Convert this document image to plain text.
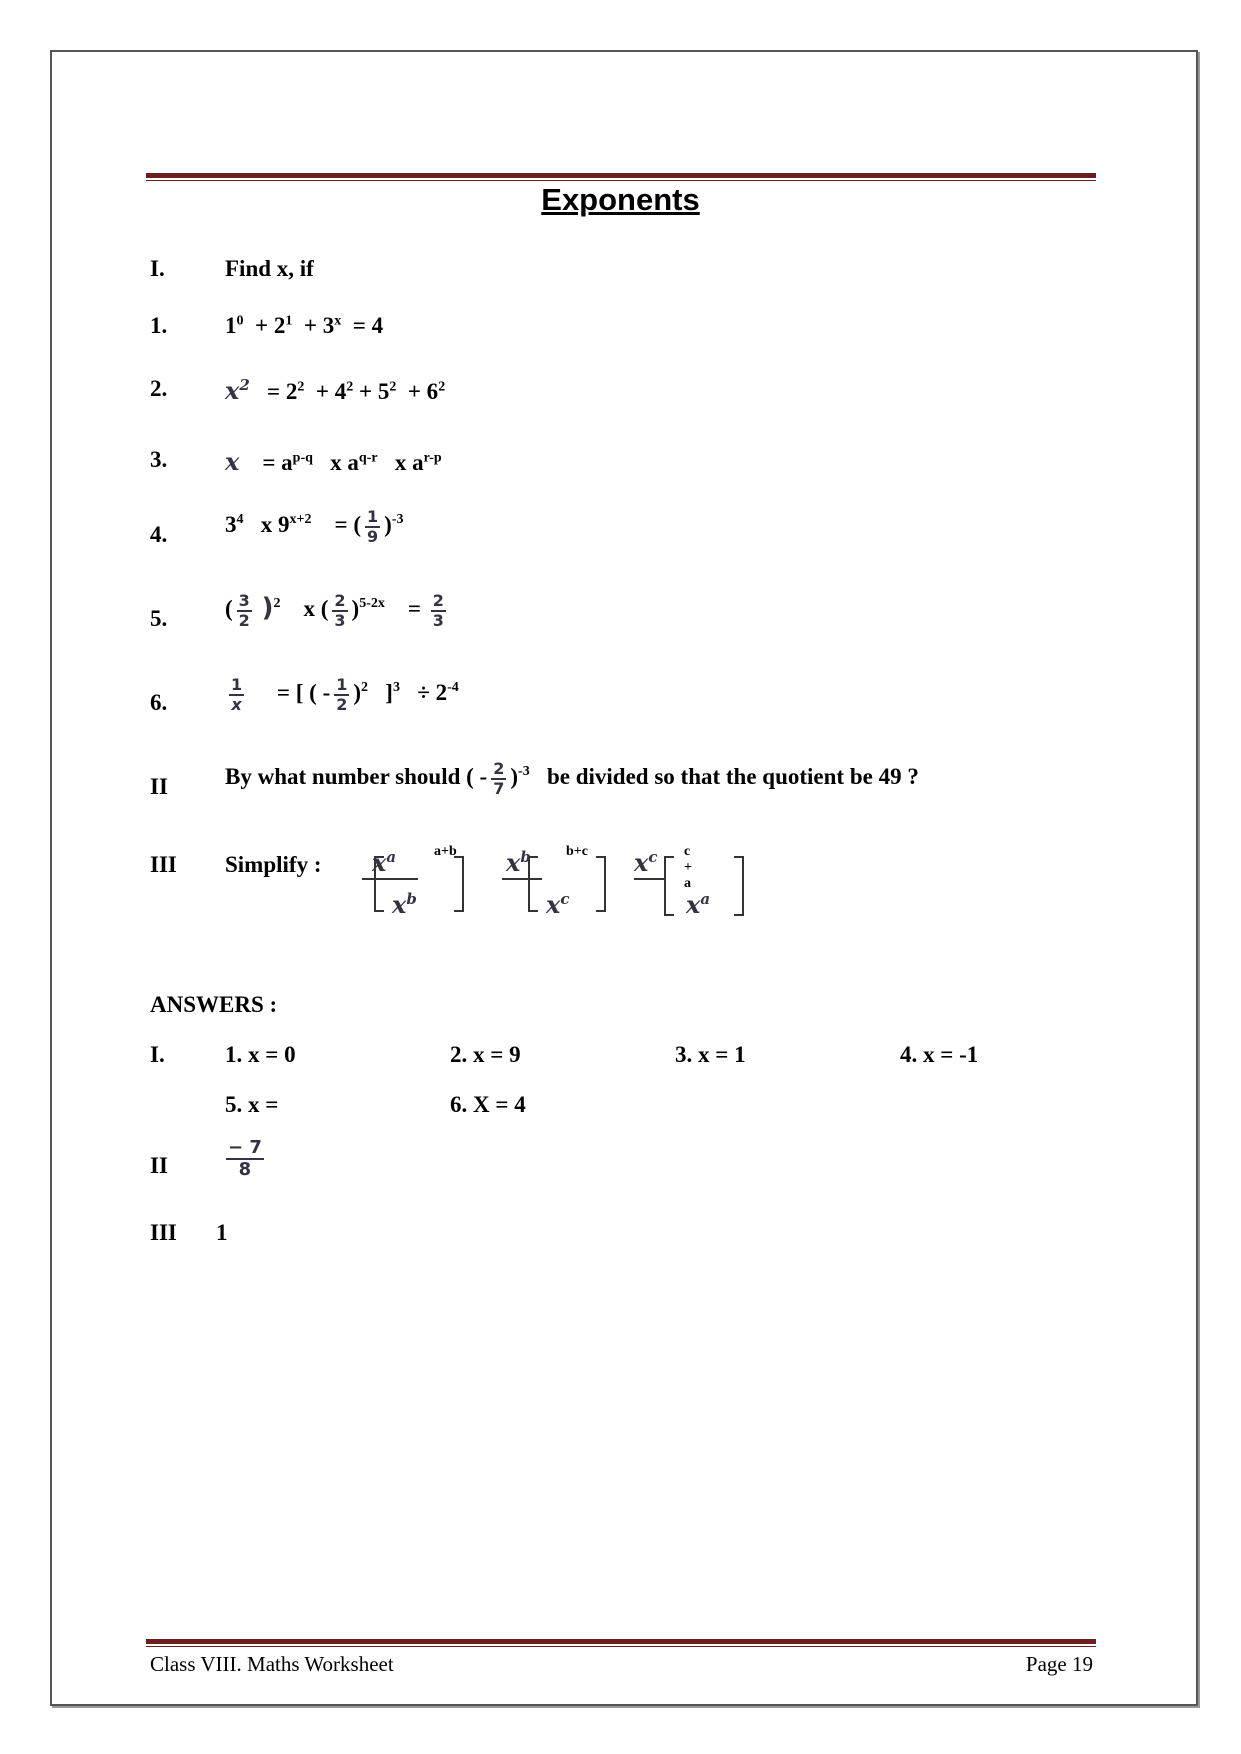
Exponents
I.	Find x, if
1.	$1^0 + 2^1 + 3^x = 4$
2. $x^2 = 2^2 + 4^2 + 5^2 + 6^2$
3. $x = a^{p-q}$ x $a^{q-r}$ x $a^{r-p}$
4.	$3^4$ x $9^{x+2}$ = ( $\frac{1}{9} )^{-3}$
5.	( $\frac{3}{2} )^2$ x ( $\frac{2}{3} )^{5-2x} = \frac{2}{3}$
6.	$\frac{1}{x}$ = [ ( - $\frac{1}{2} )^2$ ]$^3 \div 2^{-4}$
II By what number should ( - $\frac{2}{7} )^{-3}$ be divided so that the quotient be 49 ?
III Simplify : $x^a$
$x^b$
a+b $x^b$
$x^c$
b+c $x^c$
$x^a$
c + a
ANSWERS :
I.	1. x = 0	2. x = 9	3. x = 1	4. x = -1
5. x =	6. X = 4
II	$\frac{- 7}{8}$
III 1
Class VIII. Maths Worksheet	Page 19
